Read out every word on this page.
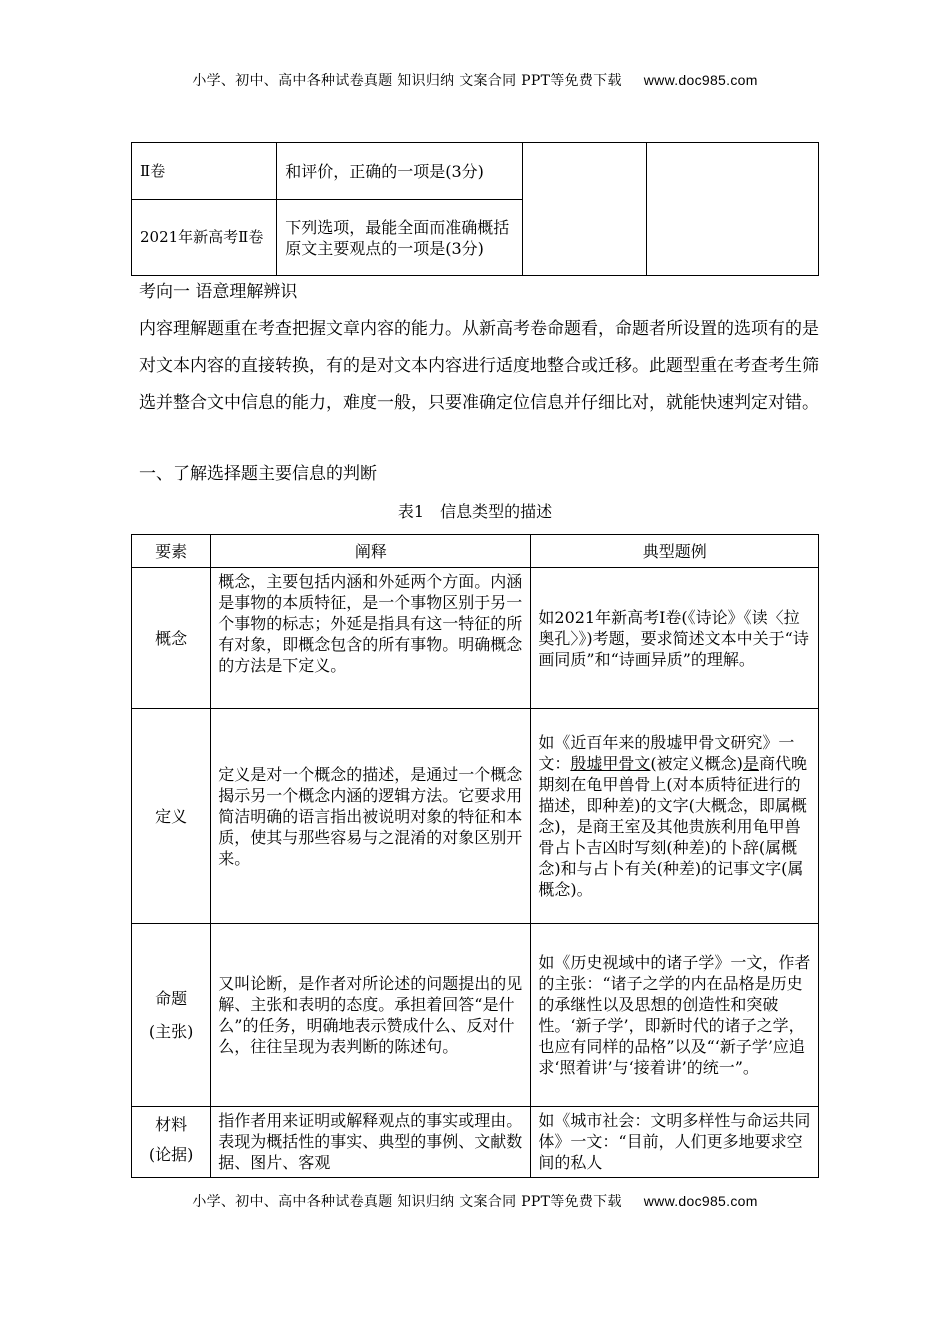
小学、初中、高中各种试卷真题 知识归纳 文案合同 PPT等免费下载 www.doc985.com
Ⅱ卷	和评价，正确的一项是(3分)		
2021年新高考Ⅱ卷	下列选项，最能全面而准确概括原文主要观点的一项是(3分)		
考向一 语意理解辨识
内容理解题重在考查把握文章内容的能力。从新高考卷命题看，命题者所设置的选项有的是对文本内容的直接转换，有的是对文本内容进行适度地整合或迁移。此题型重在考查考生筛选并整合文中信息的能力，难度一般，只要准确定位信息并仔细比对，就能快速判定对错。
一、了解选择题主要信息的判断
表1　信息类型的描述
要素	阐释	典型题例
概念	概念，主要包括内涵和外延两个方面。内涵是事物的本质特征，是一个事物区别于另一个事物的标志；外延是指具有这一特征的所有对象，即概念包含的所有事物。明确概念的方法是下定义。	如2021年新高考Ⅰ卷(《诗论》《读〈拉奥孔〉》)考题，要求简述文本中关于“诗画同质”和“诗画异质”的理解。
定义	定义是对一个概念的描述，是通过一个概念揭示另一个概念内涵的逻辑方法。它要求用简洁明确的语言指出被说明对象的特征和本质，使其与那些容易与之混淆的对象区别开来。	如《近百年来的殷墟甲骨文研究》一文：殷墟甲骨文(被定义概念)是商代晚期刻在龟甲兽骨上(对本质特征进行的描述，即种差)的文字(大概念，即属概念)，是商王室及其他贵族利用龟甲兽骨占卜吉凶时写刻(种差)的卜辞(属概念)和与占卜有关(种差)的记事文字(属概念)。

命题
(主张)	又叫论断，是作者对所论述的问题提出的见解、主张和表明的态度。承担着回答“是什么”的任务，明确地表示赞成什么、反对什么，往往呈现为表判断的陈述句。	如《历史视域中的诸子学》一文，作者的主张：“诸子之学的内在品格是历史的承继性以及思想的创造性和突破性。‘新子学’，即新时代的诸子之学，也应有同样的品格”以及“‘新子学’应追求‘照着讲’与‘接着讲’的统一”。

材料
(论据)	指作者用来证明或解释观点的事实或理由。表现为概括性的事实、典型的事例、文献数据、图片、客观	如《城市社会：文明多样性与命运共同体》一文：“目前，人们更多地要求空间的私人
小学、初中、高中各种试卷真题 知识归纳 文案合同 PPT等免费下载 www.doc985.com
